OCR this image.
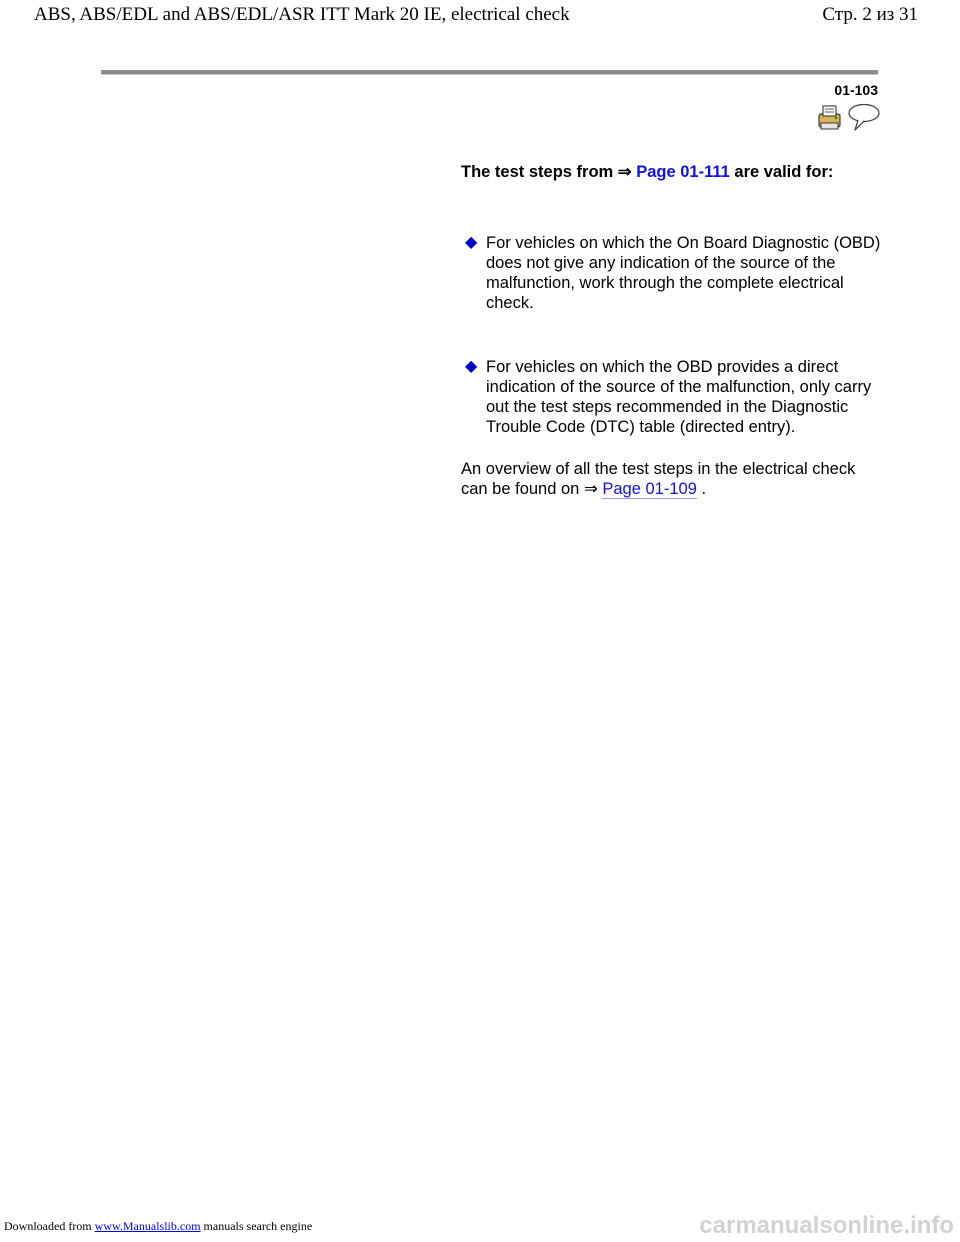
ABS, ABS/EDL and ABS/EDL/ASR ITT Mark 20 IE, electrical check	Стр. 2 из 31
01-103

The test steps from ⇒ Page 01-111 are valid for:

◆ For vehicles on which the On Board Diagnostic (OBD) does not give any indication of the source of the malfunction, work through the complete electrical check.

◆ For vehicles on which the OBD provides a direct indication of the source of the malfunction, only carry out the test steps recommended in the Diagnostic Trouble Code (DTC) table (directed entry).

An overview of all the test steps in the electrical check can be found on ⇒ Page 01-109 .

Downloaded from www.Manualslib.com manuals search engine	carmanualsonline.info
